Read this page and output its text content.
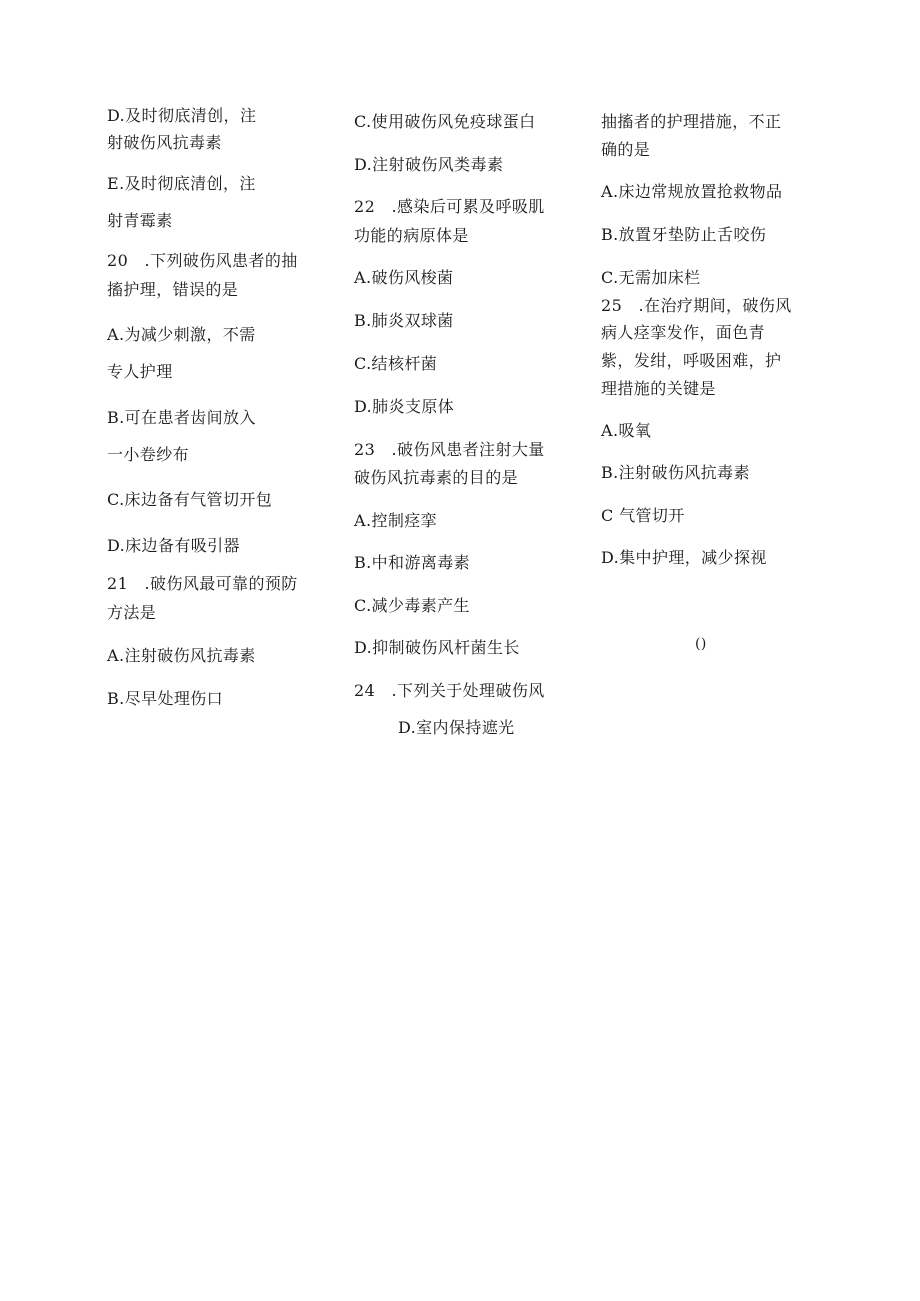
D.及时彻底清创，注
射破伤风抗毒素
E.及时彻底清创，注
射青霉素
20　.下列破伤风患者的抽
搐护理，错误的是
A.为减少刺激，不需
专人护理
B.可在患者齿间放入
一小卷纱布
C.床边备有气管切开包
D.床边备有吸引器
21　.破伤风最可靠的预防
方法是
A.注射破伤风抗毒素
B.尽早处理伤口
C.使用破伤风免疫球蛋白
D.注射破伤风类毒素
22　.感染后可累及呼吸肌
功能的病原体是
A.破伤风梭菌
B.肺炎双球菌
C.结核杆菌
D.肺炎支原体
23　.破伤风患者注射大量
破伤风抗毒素的目的是
A.控制痉挛
B.中和游离毒素
C.减少毒素产生
D.抑制破伤风杆菌生长
24　.下列关于处理破伤风
D.室内保持遮光
抽搐者的护理措施，不正
确的是
A.床边常规放置抢救物品
B.放置牙垫防止舌咬伤
C.无需加床栏
25　.在治疗期间，破伤风
病人痉挛发作，面色青
紫，发绀，呼吸困难，护
理措施的关键是
A.吸氧
B.注射破伤风抗毒素
C 气管切开
D.集中护理，减少探视
()
